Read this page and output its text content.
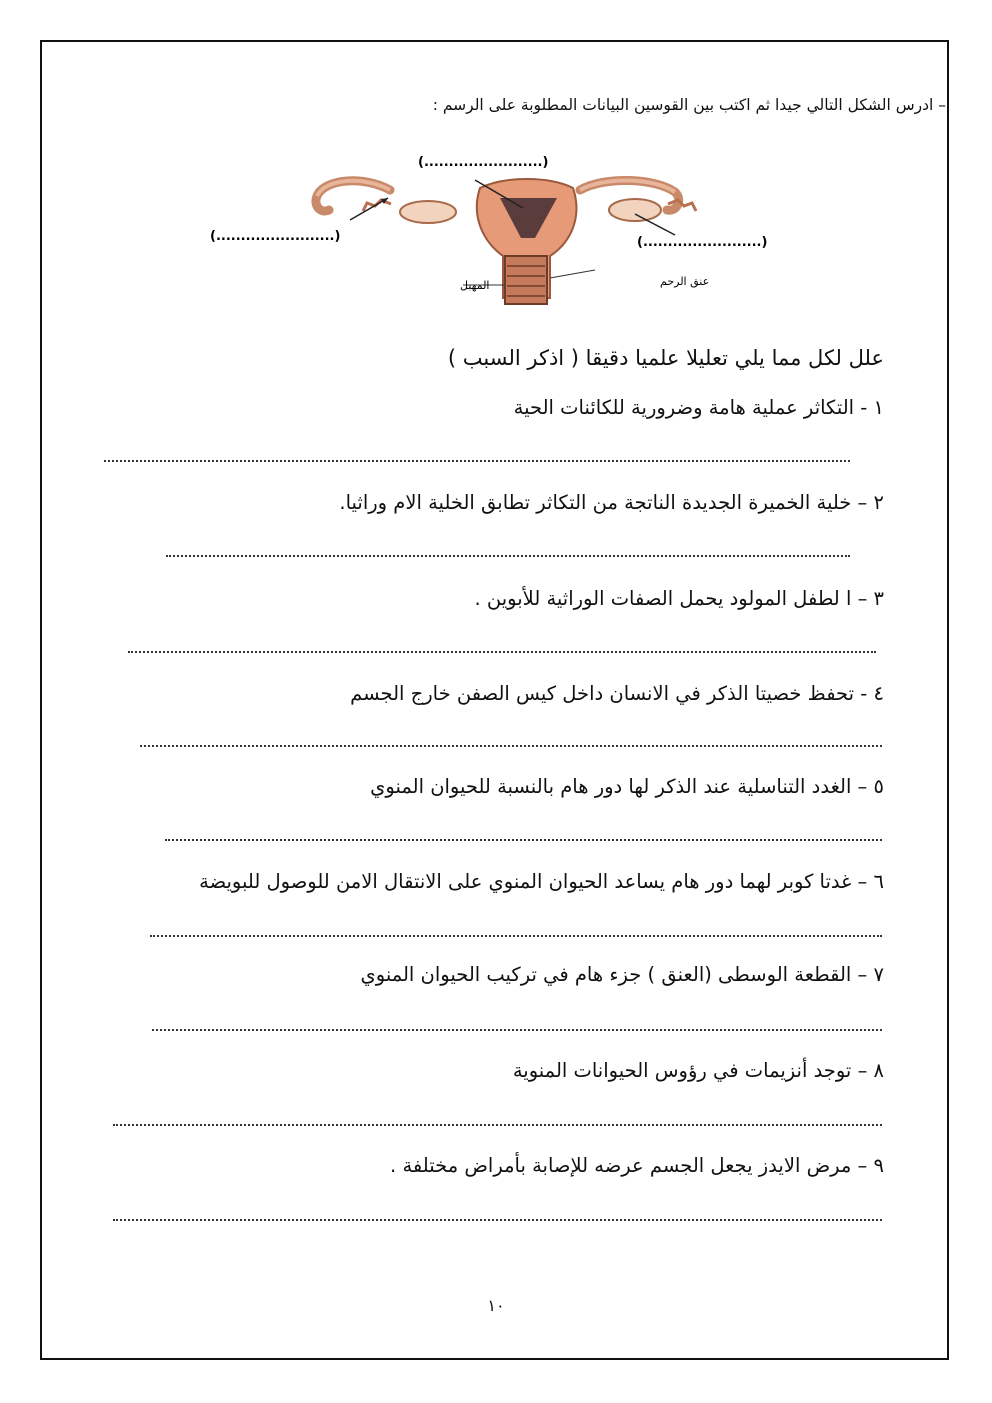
– ادرس الشكل التالي جيدا ثم اكتب بين القوسين البيانات المطلوبة على الرسم :
(........................)
(........................)	(........................)
المهبل	عنق الرحم
علل لكل مما يلي تعليلا علميا دقيقا ( اذكر السبب )
١ - التكاثر عملية هامة وضرورية للكائنات الحية
٢ – خلية الخميرة الجديدة الناتجة من التكاثر تطابق الخلية الام وراثيا.
٣ – ا لطفل المولود يحمل الصفات الوراثية للأبوين .
٤ - تحفظ خصيتا الذكر في الانسان داخل كيس الصفن خارج الجسم
٥ – الغدد التناسلية عند الذكر لها دور هام بالنسبة للحيوان المنوي
٦ – غدتا كوبر لهما دور هام يساعد الحيوان المنوي على الانتقال الامن للوصول للبويضة
٧ – القطعة الوسطى (العنق ) جزء هام في تركيب الحيوان المنوي
٨ – توجد أنزيمات في رؤوس الحيوانات المنوية
٩ – مرض الايدز يجعل الجسم عرضه للإصابة بأمراض مختلفة .
١٠
